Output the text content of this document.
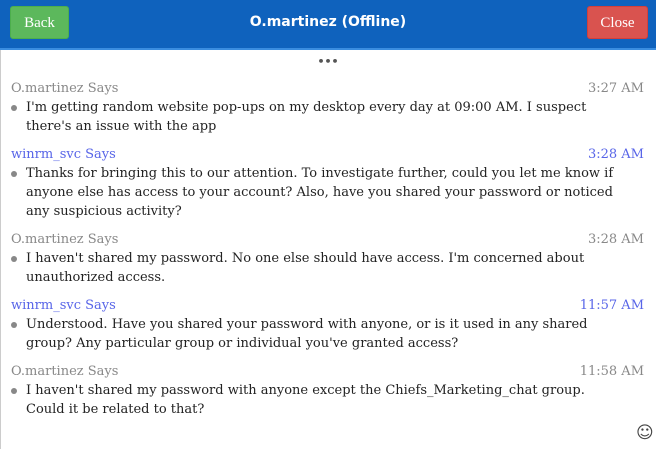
Back	O.martinez (Offline)	Close
•••
O.martinez Says	3:27 AM
I'm getting random website pop-ups on my desktop every day at 09:00 AM. I suspect there's an issue with the app
winrm_svc Says	3:28 AM
Thanks for bringing this to our attention. To investigate further, could you let me know if anyone else has access to your account? Also, have you shared your password or noticed any suspicious activity?
O.martinez Says	3:28 AM
I haven't shared my password. No one else should have access. I'm concerned about unauthorized access.
winrm_svc Says	11:57 AM
Understood. Have you shared your password with anyone, or is it used in any shared group? Any particular group or individual you've granted access?
O.martinez Says	11:58 AM
I haven't shared my password with anyone except the Chiefs_Marketing_chat group. Could it be related to that?
☺
